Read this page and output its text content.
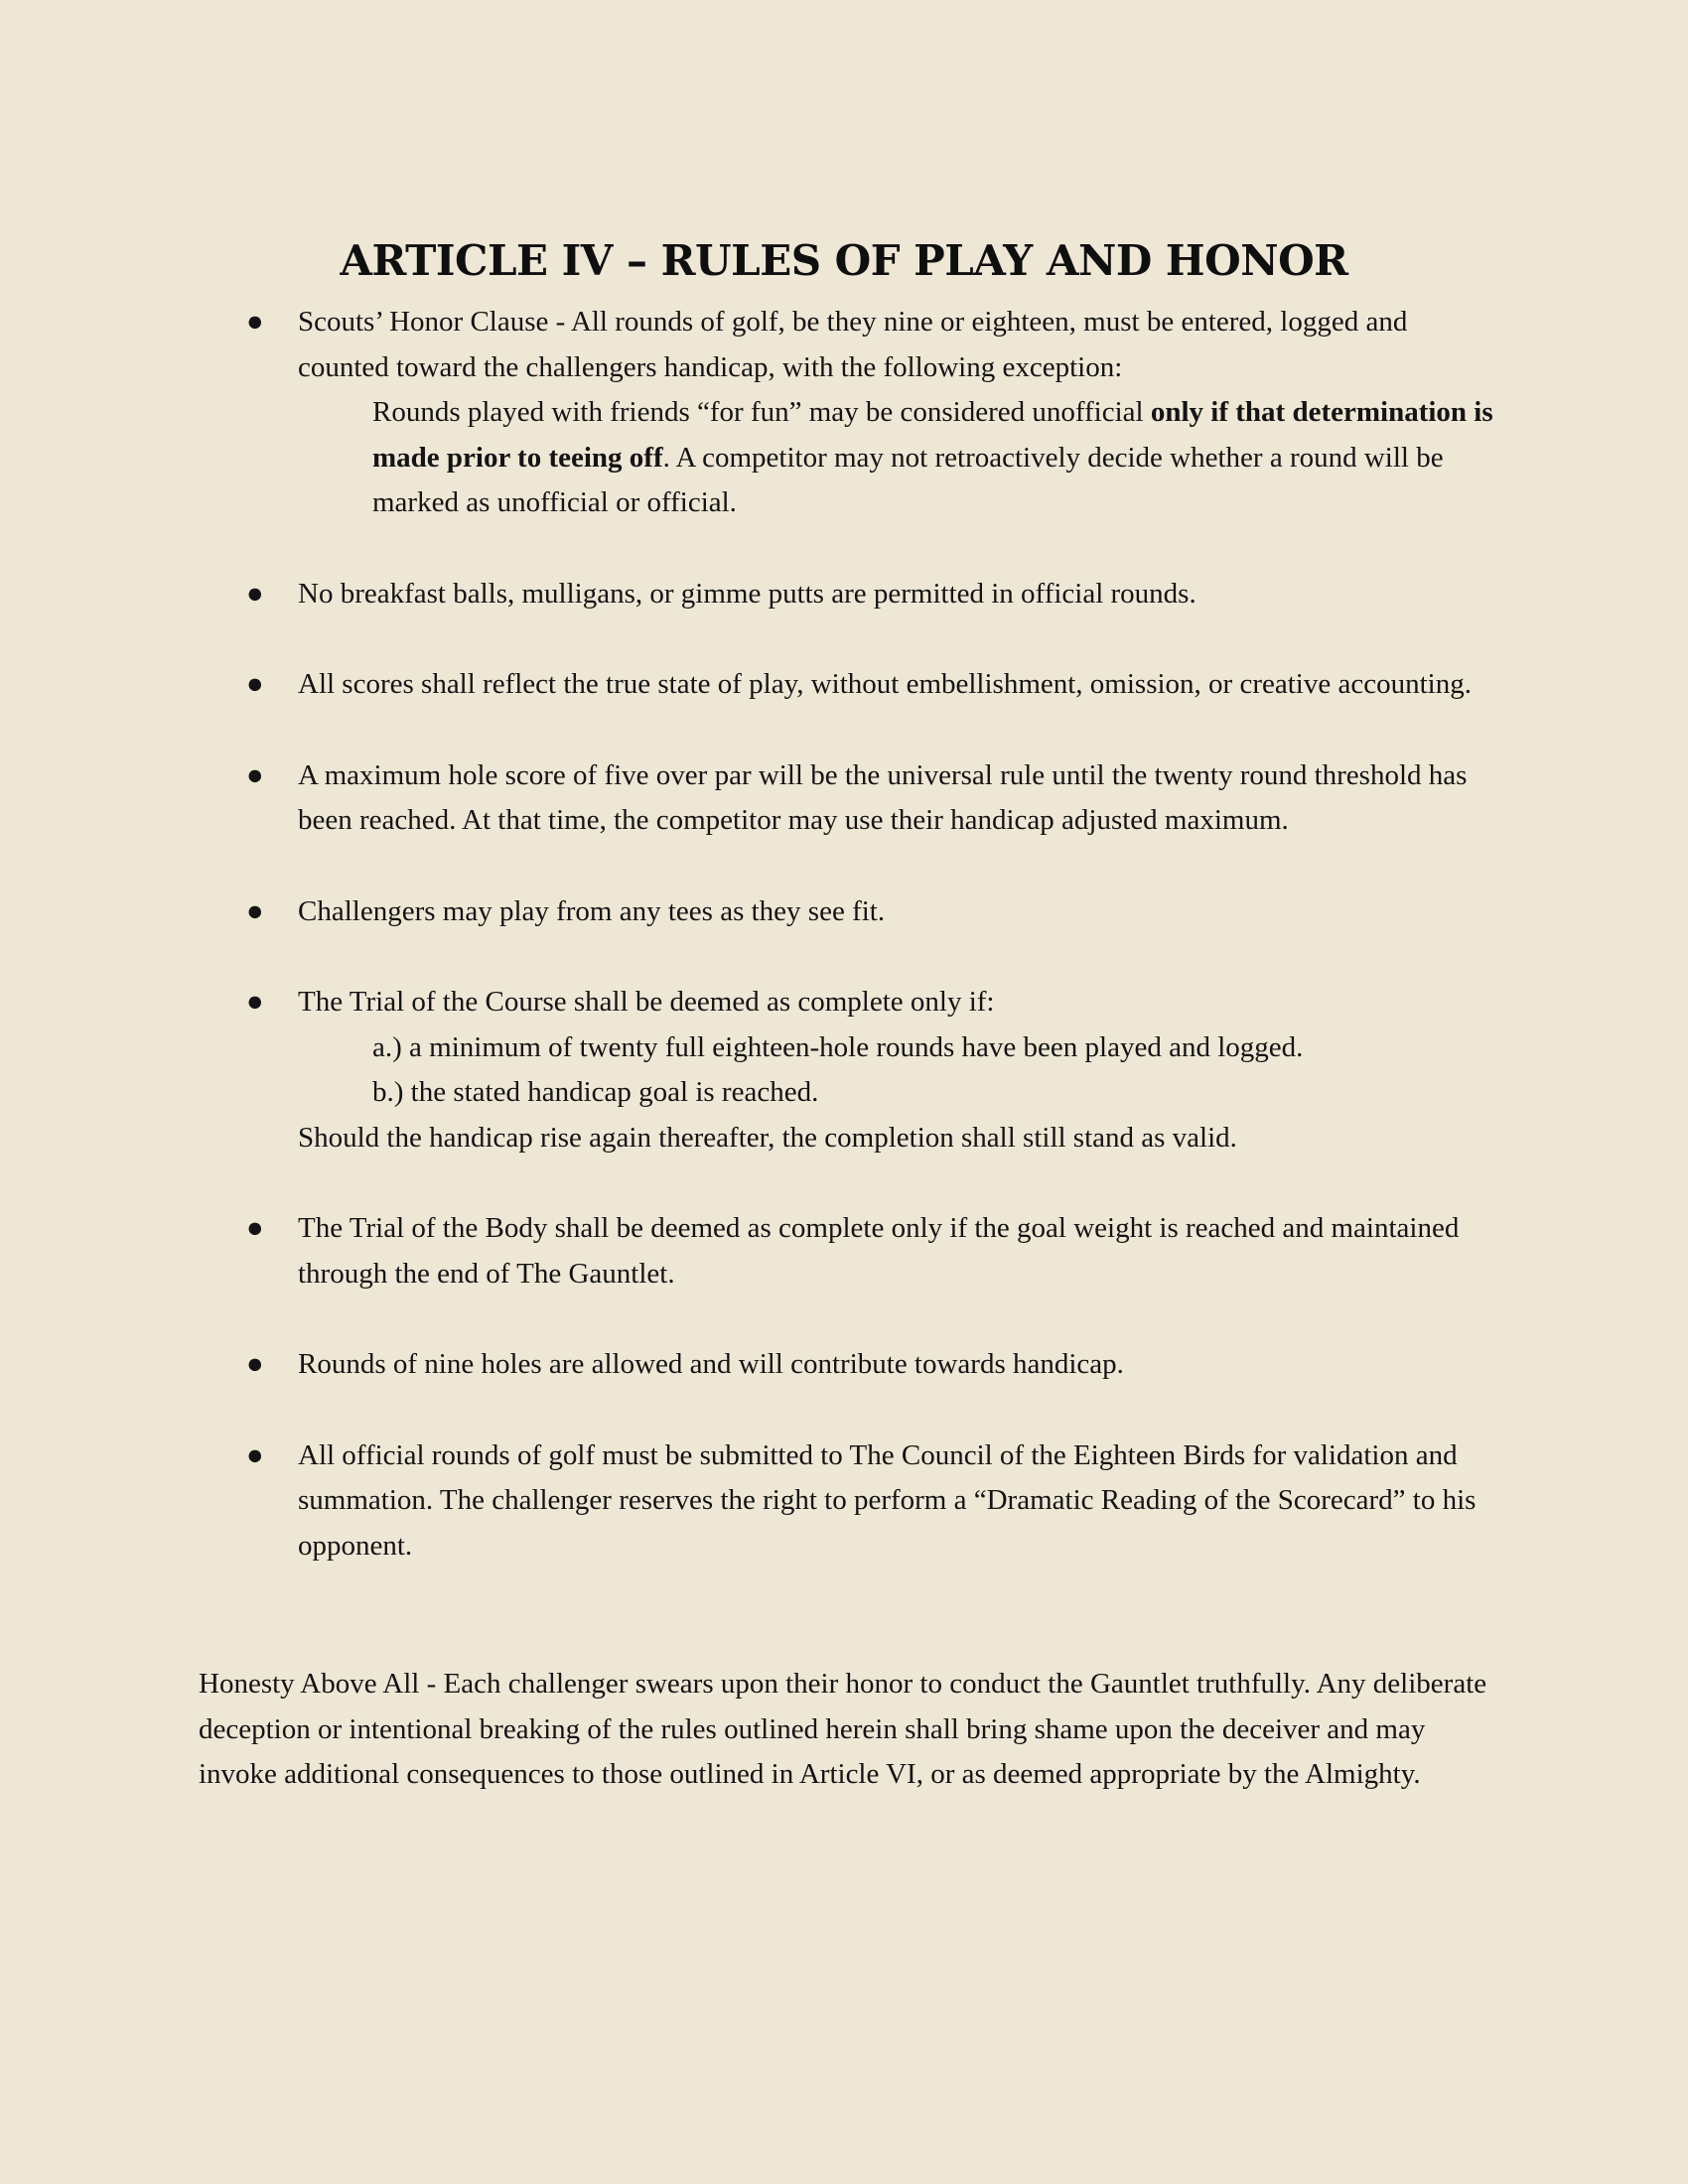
ARTICLE IV – RULES OF PLAY AND HONOR
● Scouts’ Honor Clause - All rounds of golf, be they nine or eighteen, must be entered, logged and counted toward the challengers handicap, with the following exception:
Rounds played with friends “for fun” may be considered unofficial only if that determination is made prior to teeing off. A competitor may not retroactively decide whether a round will be marked as unofficial or official.
● No breakfast balls, mulligans, or gimme putts are permitted in official rounds.
● All scores shall reflect the true state of play, without embellishment, omission, or creative accounting.
● A maximum hole score of five over par will be the universal rule until the twenty round threshold has been reached. At that time, the competitor may use their handicap adjusted maximum.
● Challengers may play from any tees as they see fit.
● The Trial of the Course shall be deemed as complete only if:
a.) a minimum of twenty full eighteen-hole rounds have been played and logged.
b.) the stated handicap goal is reached.
Should the handicap rise again thereafter, the completion shall still stand as valid.
● The Trial of the Body shall be deemed as complete only if the goal weight is reached and maintained through the end of The Gauntlet.
● Rounds of nine holes are allowed and will contribute towards handicap.
● All official rounds of golf must be submitted to The Council of the Eighteen Birds for validation and summation. The challenger reserves the right to perform a “Dramatic Reading of the Scorecard” to his opponent.
Honesty Above All - Each challenger swears upon their honor to conduct the Gauntlet truthfully. Any deliberate deception or intentional breaking of the rules outlined herein shall bring shame upon the deceiver and may invoke additional consequences to those outlined in Article VI, or as deemed appropriate by the Almighty.
